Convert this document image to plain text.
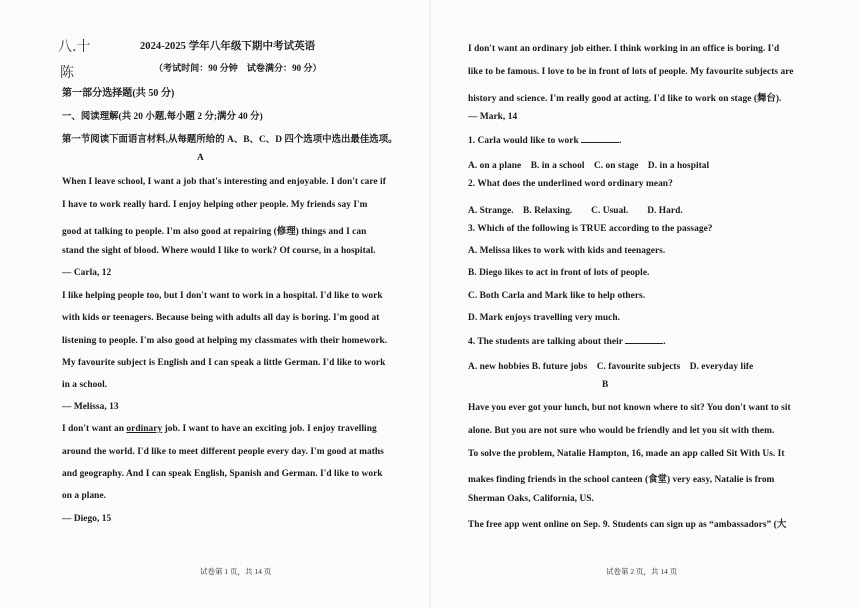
八.十
陈
2024-2025 学年八年级下期中考试英语
（考试时间：90 分钟　试卷满分：90 分）
第一部分选择题(共 50 分)
一、阅读理解(共 20 小题,每小题 2 分;满分 40 分)
第一节阅读下面语言材料,从每题所给的 A、B、C、D 四个选项中选出最佳选项。
A
When I leave school, I want a job that's interesting and enjoyable. I don't care if
I have to work really hard. I enjoy helping other people. My friends say I'm
good at talking to people. I'm also good at repairing (修理) things and I can
stand the sight of blood. Where would I like to work? Of course, in a hospital.
— Carla, 12
I like helping people too, but I don't want to work in a hospital. I'd like to work
with kids or teenagers. Because being with adults all day is boring. I'm good at
listening to people. I'm also good at helping my classmates with their homework.
My favourite subject is English and I can speak a little German. I'd like to work
in a school.
— Melissa, 13
I don't want an ordinary job. I want to have an exciting job. I enjoy travelling
around the world. I'd like to meet different people every day. I'm good at maths
and geography. And I can speak English, Spanish and German. I'd like to work
on a plane.
— Diego, 15
试卷第 1 页，共 14 页
I don't want an ordinary job either. I think working in an office is boring. I'd
like to be famous. I love to be in front of lots of people. My favourite subjects are
history and science. I'm really good at acting. I'd like to work on stage (舞台).
— Mark, 14
1. Carla would like to work	.
A. on a plane　B. in a school　C. on stage　D. in a hospital
2. What does the underlined word ordinary mean?
A. Strange.　B. Relaxing.　　C. Usual.　　D. Hard.
3. Which of the following is TRUE according to the passage?
A. Melissa likes to work with kids and teenagers.
B. Diego likes to act in front of lots of people.
C. Both Carla and Mark like to help others.
D. Mark enjoys travelling very much.
4. The students are talking about their	.
A. new hobbies B. future jobs　C. favourite subjects　D. everyday life
B
Have you ever got your lunch, but not known where to sit? You don't want to sit
alone. But you are not sure who would be friendly and let you sit with them.
To solve the problem, Natalie Hampton, 16, made an app called Sit With Us. It
makes finding friends in the school canteen (食堂) very easy, Natalie is from
Sherman Oaks, California, US.
The free app went online on Sep. 9. Students can sign up as “ambassadors” (大
试卷第 2 页，共 14 页
